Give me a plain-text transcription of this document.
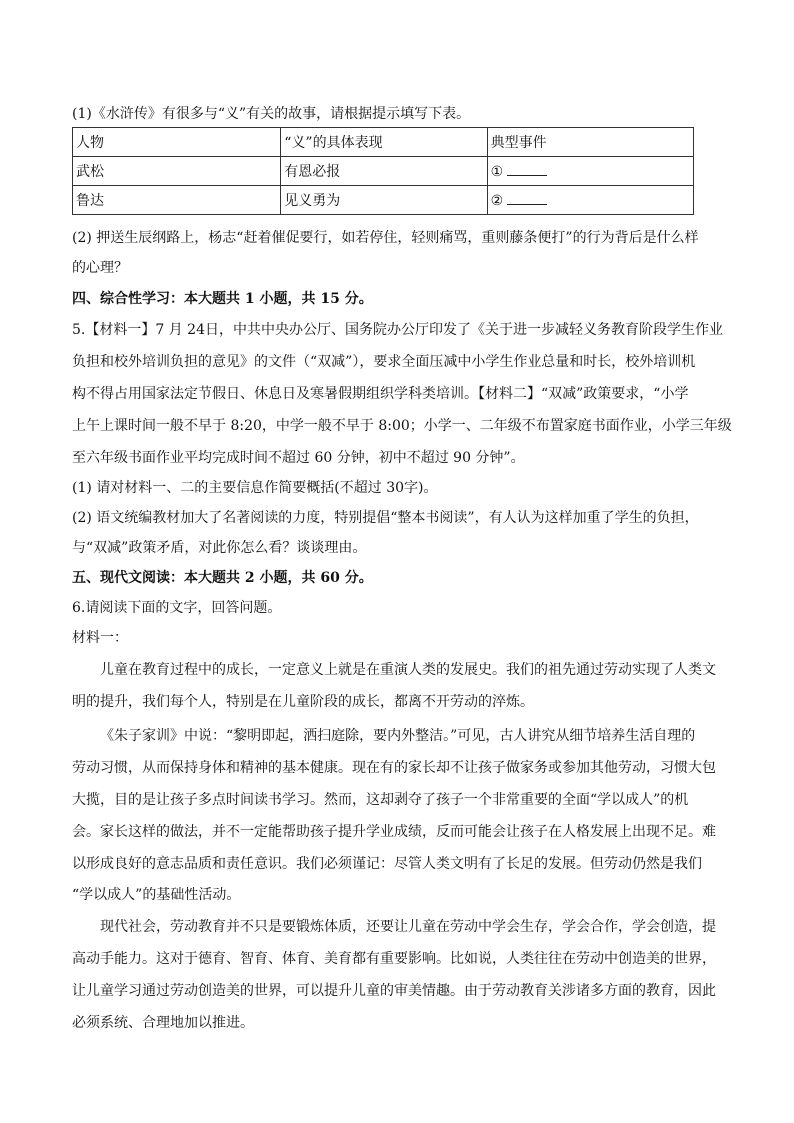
(1)《水浒传》有很多与“义”有关的故事，请根据提示填写下表。
人物	“义”的具体表现	典型事件
武松	有恩必报	①
鲁达	见义勇为	②
(2) 押送生辰纲路上，杨志“赶着催促要行，如若停住，轻则痛骂，重则藤条便打”的行为背后是什么样
的心理？
四、综合性学习：本大题共 1 小题，共 15 分。
5.【材料一】7 月 24日，中共中央办公厅、国务院办公厅印发了《关于进一步减轻义务教育阶段学生作业
负担和校外培训负担的意见》的文件（“双减”），要求全面压减中小学生作业总量和时长，校外培训机
构不得占用国家法定节假日、休息日及寒暑假期组织学科类培训。【材料二】“双减”政策要求，“小学
上午上课时间一般不早于 8:20，中学一般不早于 8:00；小学一、二年级不布置家庭书面作业，小学三年级
至六年级书面作业平均完成时间不超过 60 分钟，初中不超过 90 分钟”。
(1) 请对材料一、二的主要信息作简要概括(不超过 30字)。
(2) 语文统编教材加大了名著阅读的力度，特别提倡“整本书阅读”，有人认为这样加重了学生的负担，
与“双减”政策矛盾，对此你怎么看？谈谈理由。
五、现代文阅读：本大题共 2 小题，共 60 分。
6.请阅读下面的文字，回答问题。
材料一：
儿童在教育过程中的成长，一定意义上就是在重演人类的发展史。我们的祖先通过劳动实现了人类文
明的提升，我们每个人，特别是在儿童阶段的成长，都离不开劳动的淬炼。
《朱子家训》中说：“黎明即起，洒扫庭除，要内外整洁。”可见，古人讲究从细节培养生活自理的
劳动习惯，从而保持身体和精神的基本健康。现在有的家长却不让孩子做家务或参加其他劳动，习惯大包
大揽，目的是让孩子多点时间读书学习。然而，这却剥夺了孩子一个非常重要的全面“学以成人”的机
会。家长这样的做法，并不一定能帮助孩子提升学业成绩，反而可能会让孩子在人格发展上出现不足。难
以形成良好的意志品质和责任意识。我们必须谨记：尽管人类文明有了长足的发展。但劳动仍然是我们
“学以成人”的基础性活动。
现代社会，劳动教育并不只是要锻炼体质，还要让儿童在劳动中学会生存，学会合作，学会创造，提
高动手能力。这对于德育、智育、体育、美育都有重要影响。比如说，人类往往在劳动中创造美的世界，
让儿童学习通过劳动创造美的世界，可以提升儿童的审美情趣。由于劳动教育关涉诸多方面的教育，因此
必须系统、合理地加以推进。
